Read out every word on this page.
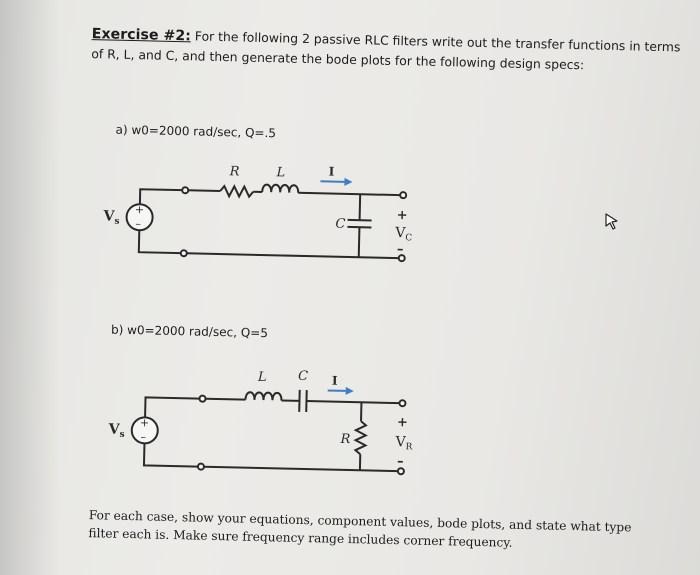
Exercise #2: For the following 2 passive RLC filters write out the transfer functions in terms of R, L, and C, and then generate the bode plots for the following design specs:
a) w0=2000 rad/sec, Q=.5
I
R	L
C
+
–
$V_s$	+
–
$V_C$
b) w0=2000 rad/sec, Q=5
I
L C
R
+
–
$V_s$
+
–
$V_R$
For each case, show your equations, component values, bode plots, and state what type filter each is. Make sure frequency range includes corner frequency.
